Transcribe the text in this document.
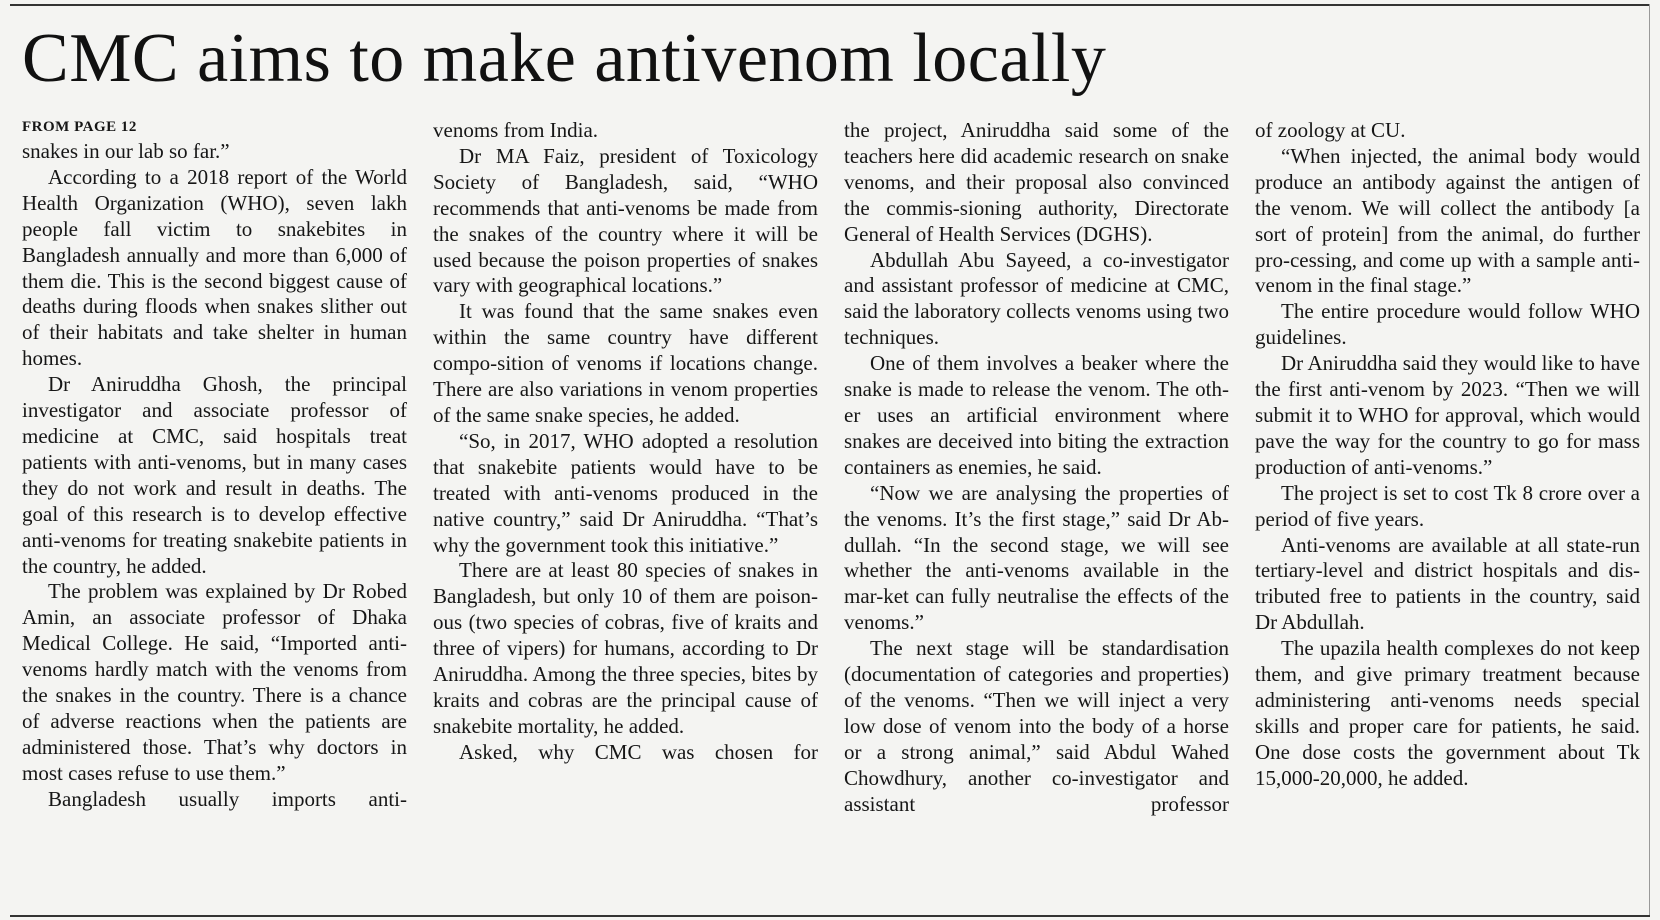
CMC aims to make antivenom locally
FROM PAGE 12

snakes in our lab so far.”

According to a 2018 report of the World Health Organization (WHO), seven lakh people fall victim to snakebites in Bangladesh annually and more than 6,000 of them die. This is the second biggest cause of deaths during floods when snakes slither out of their habitats and take shelter in human homes.

Dr Aniruddha Ghosh, the principal investigator and associate professor of medicine at CMC, said hospitals treat patients with anti-venoms, but in many cases they do not work and result in deaths. The goal of this research is to develop effective anti-venoms for treating snakebite patients in the country, he added.

The problem was explained by Dr Robed Amin, an associate professor of Dhaka Medical College. He said, “Imported anti-venoms hardly match with the venoms from the snakes in the country. There is a chance of adverse reactions when the patients are administered those. That’s why doctors in most cases refuse to use them.”

Bangladesh usually imports anti-

venoms from India.

Dr MA Faiz, president of Toxicology Society of Bangladesh, said, “WHO recommends that anti-venoms be made from the snakes of the country where it will be used because the poison properties of snakes vary with geographical locations.”

It was found that the same snakes even within the same country have different compo-sition of venoms if locations change. There are also variations in venom properties of the same snake species, he added.

“So, in 2017, WHO adopted a resolution that snakebite patients would have to be treated with anti-venoms produced in the native country,” said Dr Aniruddha. “That’s why the government took this initiative.”

There are at least 80 species of snakes in Bangladesh, but only 10 of them are poison-ous (two species of cobras, five of kraits and three of vipers) for humans, according to Dr Aniruddha. Among the three species, bites by kraits and cobras are the principal cause of snakebite mortality, he added.

Asked, why CMC was chosen for

the project, Aniruddha said some of the teachers here did academic research on snake venoms, and their proposal also convinced the commis-sioning authority, Directorate General of Health Services (DGHS).

Abdullah Abu Sayeed, a co-investigator and assistant professor of medicine at CMC, said the laboratory collects venoms using two techniques.

One of them involves a beaker where the snake is made to release the venom. The oth-er uses an artificial environment where snakes are deceived into biting the extraction containers as enemies, he said.

“Now we are analysing the properties of the venoms. It’s the first stage,” said Dr Ab-dullah. “In the second stage, we will see whether the anti-venoms available in the mar-ket can fully neutralise the effects of the venoms.”

The next stage will be standardisation (documentation of categories and properties) of the venoms. “Then we will inject a very low dose of venom into the body of a horse or a strong animal,” said Abdul Wahed Chowdhury, another co-investigator and assistant professor

of zoology at CU.

“When injected, the animal body would produce an antibody against the antigen of the venom. We will collect the antibody [a sort of protein] from the animal, do further pro-cessing, and come up with a sample anti-venom in the final stage.”

The entire procedure would follow WHO guidelines.

Dr Aniruddha said they would like to have the first anti-venom by 2023. “Then we will submit it to WHO for approval, which would pave the way for the country to go for mass production of anti-venoms.”

The project is set to cost Tk 8 crore over a period of five years.

Anti-venoms are available at all state-run tertiary-level and district hospitals and dis-tributed free to patients in the country, said Dr Abdullah.

The upazila health complexes do not keep them, and give primary treatment because administering anti-venoms needs special skills and proper care for patients, he said. One dose costs the government about Tk 15,000-20,000, he added.
